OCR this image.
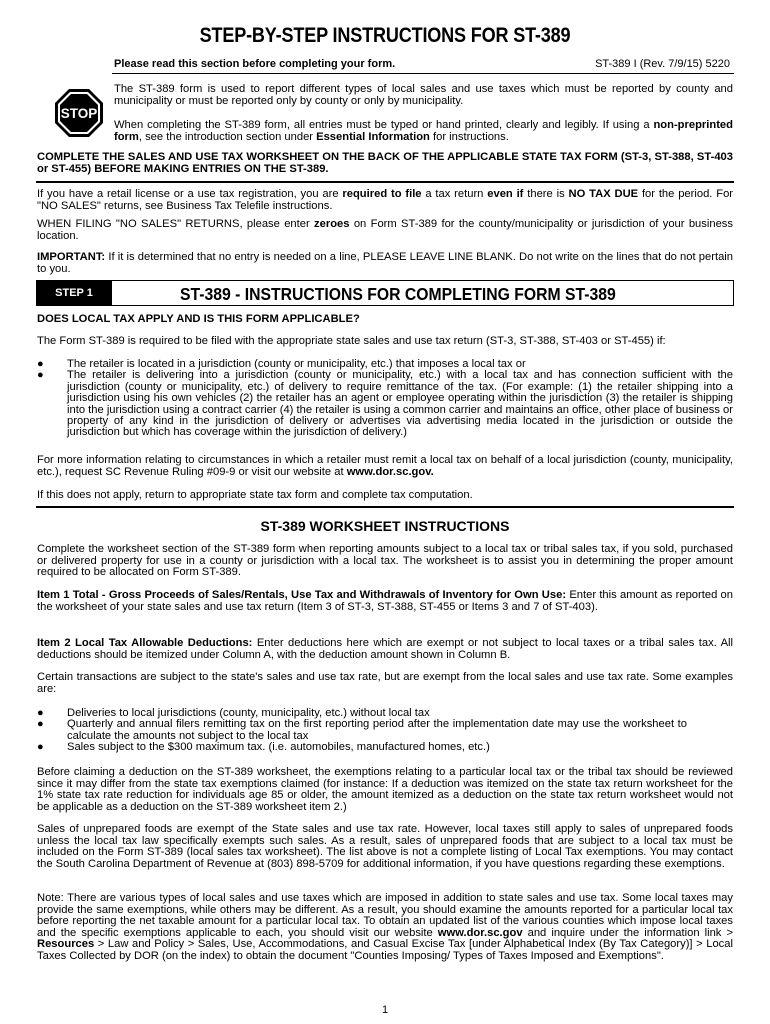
STEP-BY-STEP INSTRUCTIONS FOR ST-389
Please read this section before completing your form.	ST-389 I (Rev. 7/9/15) 5220
STOP
The ST-389 form is used to report different types of local sales and use taxes which must be reported by county and municipality or must be reported only by county or only by municipality.
When completing the ST-389 form, all entries must be typed or hand printed, clearly and legibly. If using a non-preprinted form, see the introduction section under Essential Information for instructions.
COMPLETE THE SALES AND USE TAX WORKSHEET ON THE BACK OF THE APPLICABLE STATE TAX FORM (ST-3, ST-388, ST-403 or ST-455) BEFORE MAKING ENTRIES ON THE ST-389.
If you have a retail license or a use tax registration, you are required to file a tax return even if there is NO TAX DUE for the period. For "NO SALES" returns, see Business Tax Telefile instructions.
WHEN FILING "NO SALES" RETURNS, please enter zeroes on Form ST-389 for the county/municipality or jurisdiction of your business location.
IMPORTANT: If it is determined that no entry is needed on a line, PLEASE LEAVE LINE BLANK. Do not write on the lines that do not pertain to you.
STEP 1	ST-389 - INSTRUCTIONS FOR COMPLETING FORM ST-389
DOES LOCAL TAX APPLY AND IS THIS FORM APPLICABLE?
The Form ST-389 is required to be filed with the appropriate state sales and use tax return (ST-3, ST-388, ST-403 or ST-455) if:
● The retailer is located in a jurisdiction (county or municipality, etc.) that imposes a local tax or
● The retailer is delivering into a jurisdiction (county or municipality, etc.) with a local tax and has connection sufficient with the jurisdiction (county or municipality, etc.) of delivery to require remittance of the tax. (For example: (1) the retailer shipping into a jurisdiction using his own vehicles (2) the retailer has an agent or employee operating within the jurisdiction (3) the retailer is shipping into the jurisdiction using a contract carrier (4) the retailer is using a common carrier and maintains an office, other place of business or property of any kind in the jurisdiction of delivery or advertises via advertising media located in the jurisdiction or outside the jurisdiction but which has coverage within the jurisdiction of delivery.)
For more information relating to circumstances in which a retailer must remit a local tax on behalf of a local jurisdiction (county, municipality, etc.), request SC Revenue Ruling #09-9 or visit our website at www.dor.sc.gov.
If this does not apply, return to appropriate state tax form and complete tax computation.
ST-389 WORKSHEET INSTRUCTIONS
Complete the worksheet section of the ST-389 form when reporting amounts subject to a local tax or tribal sales tax, if you sold, purchased or delivered property for use in a county or jurisdiction with a local tax. The worksheet is to assist you in determining the proper amount required to be allocated on Form ST-389.
Item 1 Total - Gross Proceeds of Sales/Rentals, Use Tax and Withdrawals of Inventory for Own Use: Enter this amount as reported on the worksheet of your state sales and use tax return (Item 3 of ST-3, ST-388, ST-455 or Items 3 and 7 of ST-403).
Item 2 Local Tax Allowable Deductions: Enter deductions here which are exempt or not subject to local taxes or a tribal sales tax. All deductions should be itemized under Column A, with the deduction amount shown in Column B.
Certain transactions are subject to the state's sales and use tax rate, but are exempt from the local sales and use tax rate. Some examples are:
● Deliveries to local jurisdictions (county, municipality, etc.) without local tax
● Quarterly and annual filers remitting tax on the first reporting period after the implementation date may use the worksheet to calculate the amounts not subject to the local tax
● Sales subject to the $300 maximum tax. (i.e. automobiles, manufactured homes, etc.)
Before claiming a deduction on the ST-389 worksheet, the exemptions relating to a particular local tax or the tribal tax should be reviewed since it may differ from the state tax exemptions claimed (for instance: If a deduction was itemized on the state tax return worksheet for the 1% state tax rate reduction for individuals age 85 or older, the amount itemized as a deduction on the state tax return worksheet would not be applicable as a deduction on the ST-389 worksheet item 2.)
Sales of unprepared foods are exempt of the State sales and use tax rate. However, local taxes still apply to sales of unprepared foods unless the local tax law specifically exempts such sales. As a result, sales of unprepared foods that are subject to a local tax must be included on the Form ST-389 (local sales tax worksheet). The list above is not a complete listing of Local Tax exemptions. You may contact the South Carolina Department of Revenue at (803) 898-5709 for additional information, if you have questions regarding these exemptions.
Note: There are various types of local sales and use taxes which are imposed in addition to state sales and use tax. Some local taxes may provide the same exemptions, while others may be different. As a result, you should examine the amounts reported for a particular local tax before reporting the net taxable amount for a particular local tax. To obtain an updated list of the various counties which impose local taxes and the specific exemptions applicable to each, you should visit our website www.dor.sc.gov and inquire under the information link > Resources > Law and Policy > Sales, Use, Accommodations, and Casual Excise Tax [under Alphabetical Index (By Tax Category)] > Local Taxes Collected by DOR (on the index) to obtain the document "Counties Imposing/ Types of Taxes Imposed and Exemptions".
1
